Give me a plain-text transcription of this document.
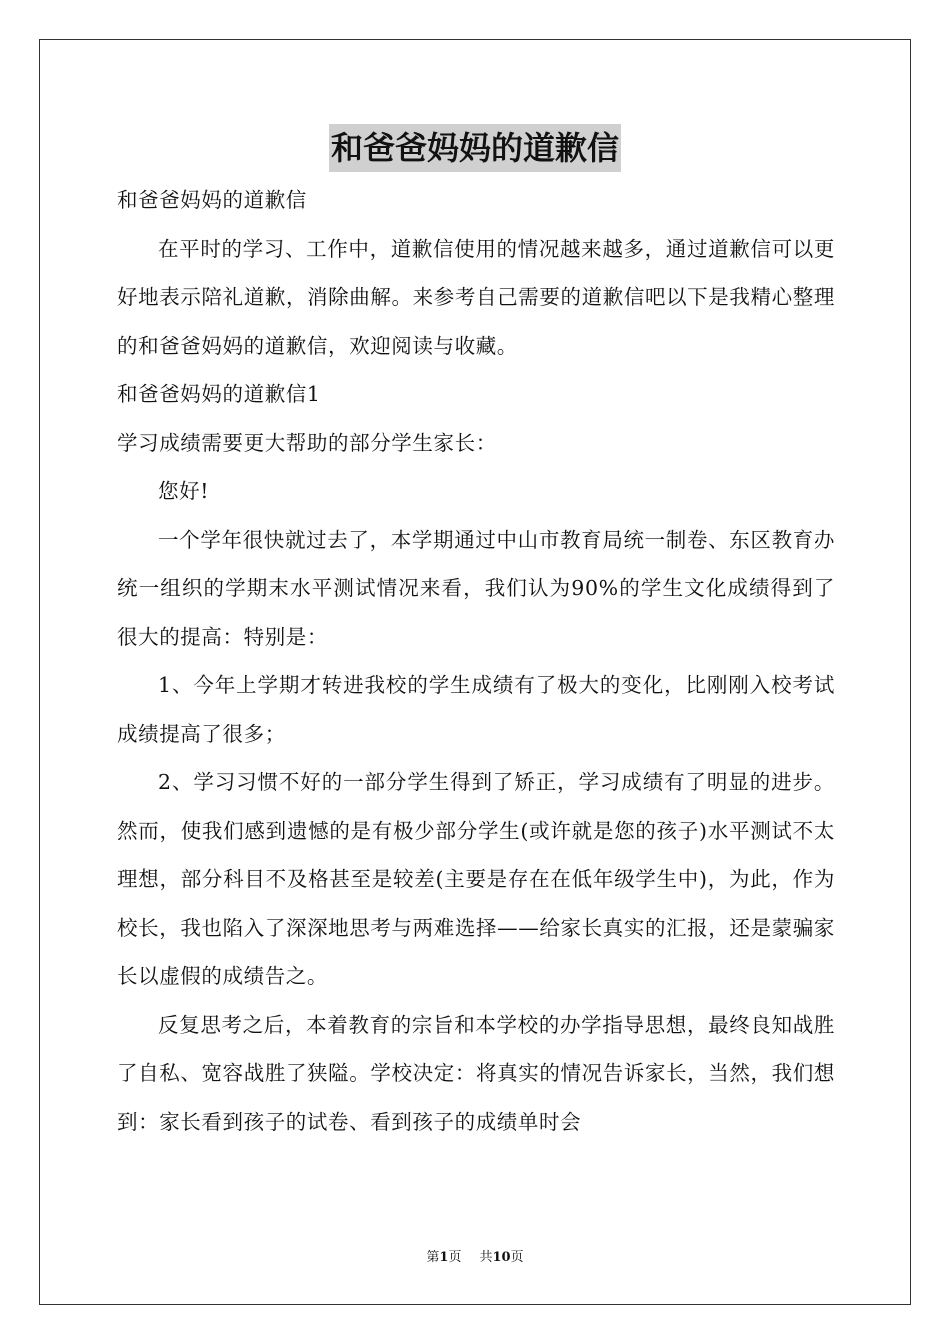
和爸爸妈妈的道歉信

和爸爸妈妈的道歉信

在平时的学习、工作中，道歉信使用的情况越来越多，通过道歉信可以更好地表示陪礼道歉，消除曲解。来参考自己需要的道歉信吧以下是我精心整理的和爸爸妈妈的道歉信，欢迎阅读与收藏。

和爸爸妈妈的道歉信1

学习成绩需要更大帮助的部分学生家长：

您好!

一个学年很快就过去了，本学期通过中山市教育局统一制卷、东区教育办统一组织的学期末水平测试情况来看，我们认为90%的学生文化成绩得到了很大的提高：特别是：

1、今年上学期才转进我校的学生成绩有了极大的变化，比刚刚入校考试成绩提高了很多；

2、学习习惯不好的一部分学生得到了矫正，学习成绩有了明显的进步。然而，使我们感到遗憾的是有极少部分学生(或许就是您的孩子)水平测试不太理想，部分科目不及格甚至是较差(主要是存在在低年级学生中)，为此，作为校长，我也陷入了深深地思考与两难选择——给家长真实的汇报，还是蒙骗家长以虚假的成绩告之。

反复思考之后，本着教育的宗旨和本学校的办学指导思想，最终良知战胜了自私、宽容战胜了狭隘。学校决定：将真实的情况告诉家长，当然，我们想到：家长看到孩子的试卷、看到孩子的成绩单时会

第1页 共10页
